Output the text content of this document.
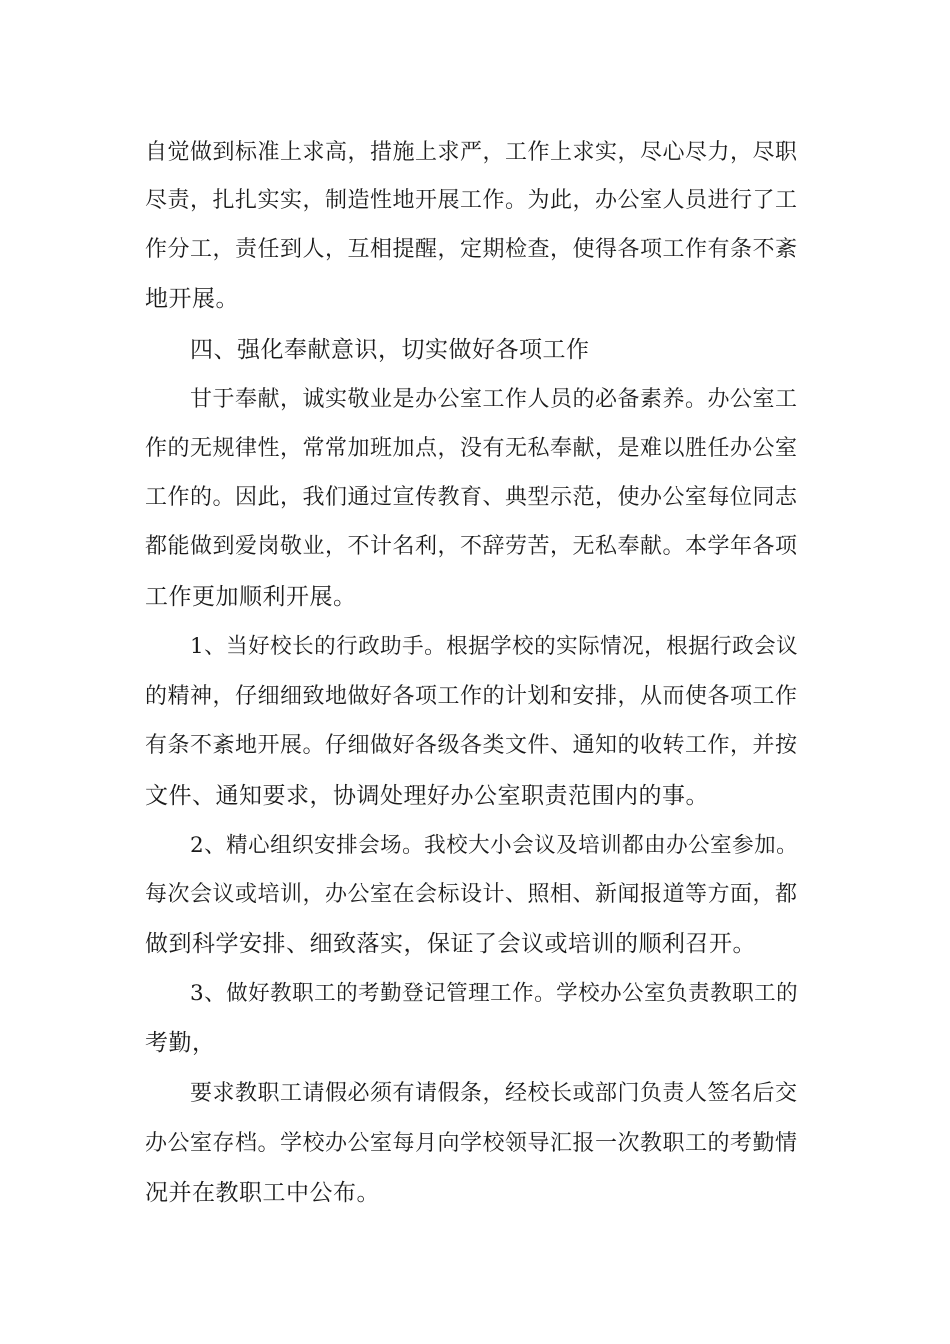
自觉做到标准上求高，措施上求严，工作上求实，尽心尽力，尽职
尽责，扎扎实实，制造性地开展工作。为此，办公室人员进行了工
作分工，责任到人，互相提醒，定期检查，使得各项工作有条不紊
地开展。
四、强化奉献意识，切实做好各项工作
甘于奉献，诚实敬业是办公室工作人员的必备素养。办公室工
作的无规律性，常常加班加点，没有无私奉献，是难以胜任办公室
工作的。因此，我们通过宣传教育、典型示范，使办公室每位同志
都能做到爱岗敬业，不计名利，不辞劳苦，无私奉献。本学年各项
工作更加顺利开展。
1、当好校长的行政助手。根据学校的实际情况，根据行政会议
的精神，仔细细致地做好各项工作的计划和安排，从而使各项工作
有条不紊地开展。仔细做好各级各类文件、通知的收转工作，并按
文件、通知要求，协调处理好办公室职责范围内的事。
2、精心组织安排会场。我校大小会议及培训都由办公室参加。
每次会议或培训，办公室在会标设计、照相、新闻报道等方面，都
做到科学安排、细致落实，保证了会议或培训的顺利召开。
3、做好教职工的考勤登记管理工作。学校办公室负责教职工的
考勤，
要求教职工请假必须有请假条，经校长或部门负责人签名后交
办公室存档。学校办公室每月向学校领导汇报一次教职工的考勤情
况并在教职工中公布。
